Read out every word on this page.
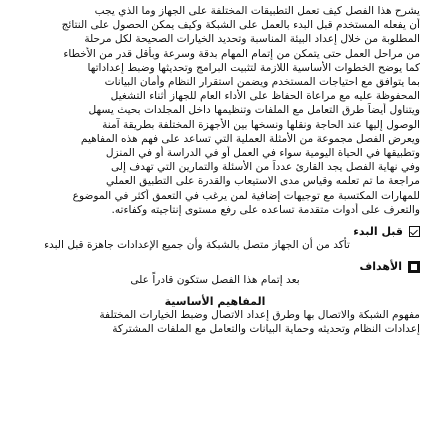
يشرح هذا الفصل كيف تعمل التطبيقات المختلفة على الجهاز وما الذي يجب
أن يفعله المستخدم قبل البدء بالعمل على الشبكة وكيف يمكن الحصول على النتائج
المطلوبة من خلال إعداد البيئة المناسبة وتحديد الخيارات الصحيحة لكل مرحلة
من مراحل العمل حتى يتمكن من إتمام المهام بدقة وسرعة وبأقل قدر من الأخطاء
كما يوضح الخطوات الأساسية اللازمة لتثبيت البرامج وتحديثها وضبط إعداداتها
بما يتوافق مع احتياجات المستخدم ويضمن استقرار النظام وأمان البيانات
المحفوظة عليه مع مراعاة الحفاظ على الأداء العام للجهاز أثناء التشغيل
ويتناول أيضاً طرق التعامل مع الملفات وتنظيمها داخل المجلدات بحيث يسهل
الوصول إليها عند الحاجة ونقلها ونسخها بين الأجهزة المختلفة بطريقة آمنة
ويعرض الفصل مجموعة من الأمثلة العملية التي تساعد على فهم هذه المفاهيم
وتطبيقها في الحياة اليومية سواء في العمل أو في الدراسة أو في المنزل
وفي نهاية الفصل يجد القارئ عدداً من الأسئلة والتمارين التي تهدف إلى
مراجعة ما تم تعلمه وقياس مدى الاستيعاب والقدرة على التطبيق العملي
للمهارات المكتسبة مع توجيهات إضافية لمن يرغب في التعمق أكثر في الموضوع
والتعرف على أدوات متقدمة تساعده على رفع مستوى إنتاجيته وكفاءته.
قبل البدء

تأكد من أن الجهاز متصل بالشبكة وأن جميع الإعدادات جاهزة قبل البدء

الأهداف

بعد إتمام هذا الفصل ستكون قادراً على

المفاهيم الأساسية

مفهوم الشبكة والاتصال بها وطرق إعداد الاتصال وضبط الخيارات المختلفة

إعدادات النظام وتحديثه وحماية البيانات والتعامل مع الملفات المشتركة
